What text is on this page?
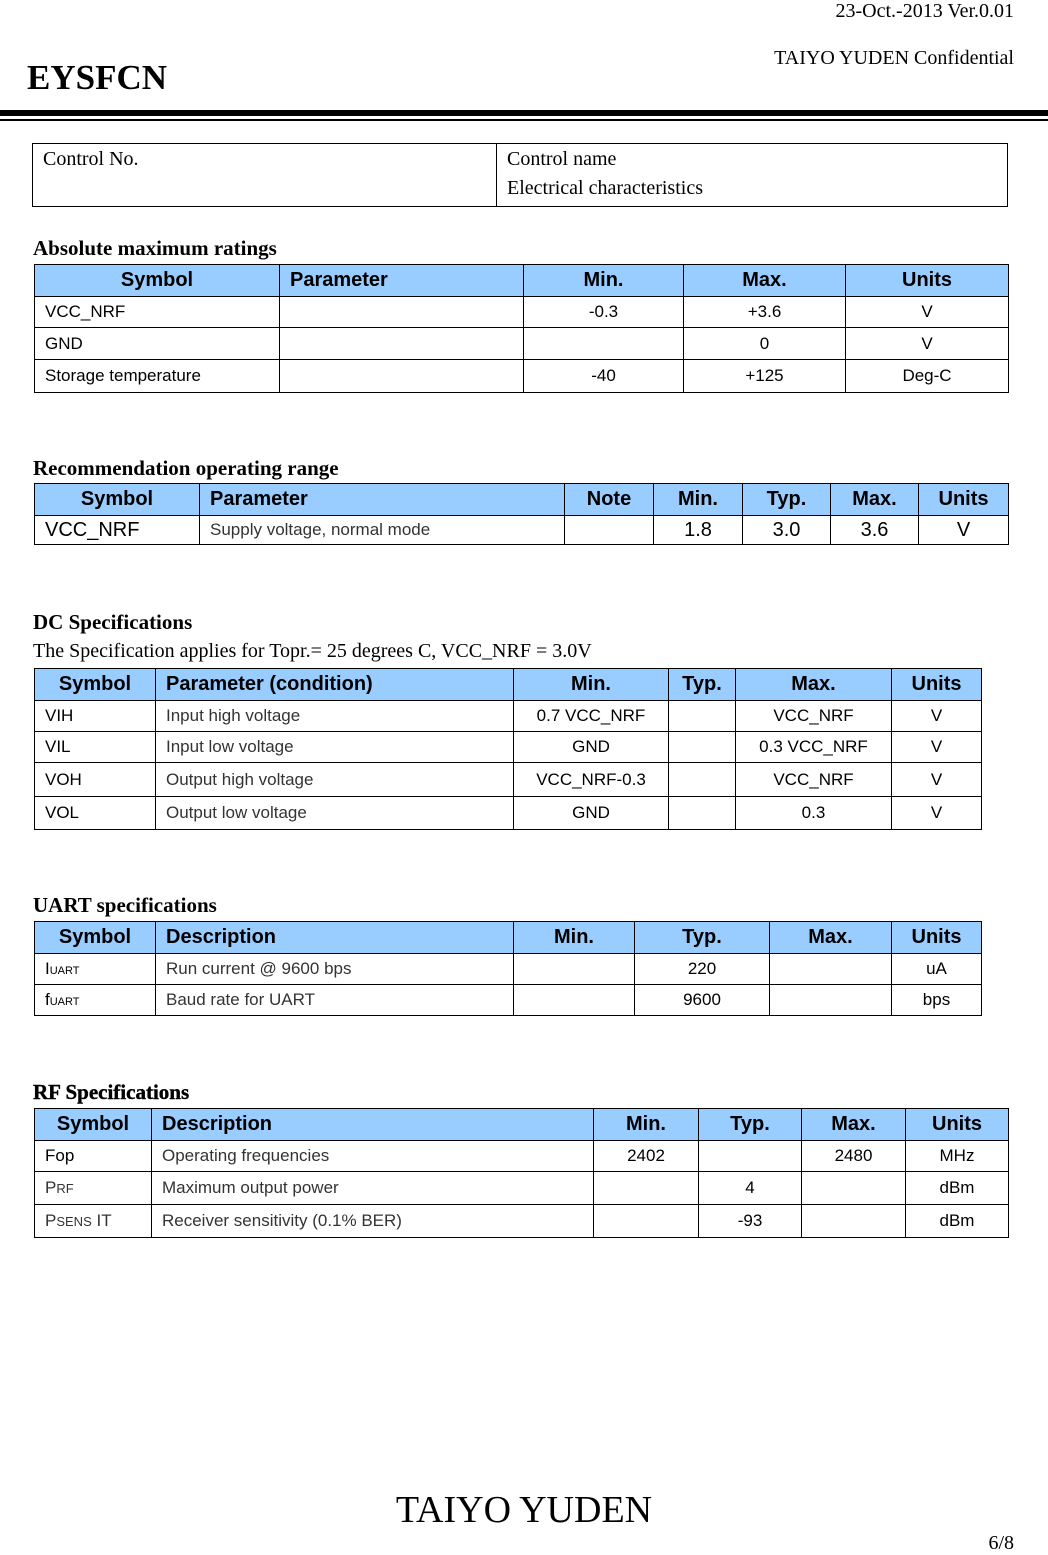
23-Oct.-2013 Ver.0.01
TAIYO YUDEN Confidential
EYSFCN
Control No.	Control name
Electrical characteristics
Absolute maximum ratings
Symbol	Parameter	Min.	Max.	Units
VCC_NRF		-0.3	+3.6	V
GND			0	V
Storage temperature		-40	+125	Deg-C
Recommendation operating range
Symbol	Parameter	Note	Min.	Typ.	Max.	Units
VCC_NRF	Supply voltage, normal mode		1.8	3.0	3.6	V
DC Specifications
The Specification applies for Topr.= 25 degrees C, VCC_NRF = 3.0V
Symbol	Parameter (condition)	Min.	Typ.	Max.	Units
VIH	Input high voltage	0.7 VCC_NRF		VCC_NRF	V
VIL	Input low voltage	GND		0.3 VCC_NRF	V
VOH	Output high voltage	VCC_NRF-0.3		VCC_NRF	V
VOL	Output low voltage	GND		0.3	V
UART specifications
Symbol	Description	Min.	Typ.	Max.	Units
IUART	Run current @ 9600 bps		220		uA
fUART	Baud rate for UART		9600		bps
RF Specifications
Symbol	Description	Min.	Typ.	Max.	Units
Fop	Operating frequencies	2402		2480	MHz
PRF	Maximum output power		4		dBm
PSENS IT	Receiver sensitivity (0.1% BER)		-93		dBm
TAIYO YUDEN
6/8
